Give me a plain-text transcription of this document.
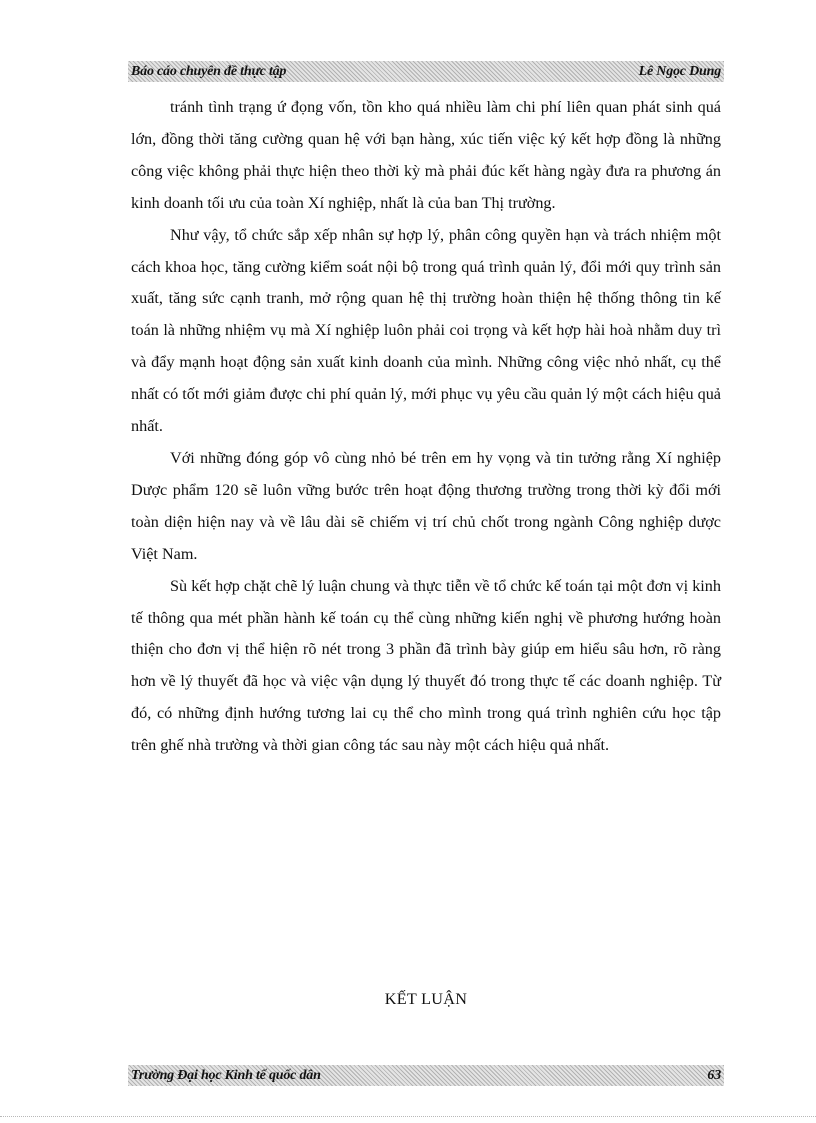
Báo cáo chuyên đề thực tập	Lê Ngọc Dung

tránh tình trạng ứ đọng vốn, tồn kho quá nhiều làm chi phí liên quan phát sinh quá lớn, đồng thời tăng cường quan hệ với bạn hàng, xúc tiến việc ký kết hợp đồng là những công việc không phải thực hiện theo thời kỳ mà phải đúc kết hàng ngày đưa ra phương án kinh doanh tối ưu của toàn Xí nghiệp, nhất là của ban Thị trường.

Như vậy, tổ chức sắp xếp nhân sự hợp lý, phân công quyền hạn và trách nhiệm một cách khoa học, tăng cường kiểm soát nội bộ trong quá trình quản lý, đổi mới quy trình sản xuất, tăng sức cạnh tranh, mở rộng quan hệ thị trường hoàn thiện hệ thống thông tin kế toán là những nhiệm vụ mà Xí nghiệp luôn phải coi trọng và kết hợp hài hoà nhằm duy trì và đẩy mạnh hoạt động sản xuất kinh doanh của mình. Những công việc nhỏ nhất, cụ thể nhất có tốt mới giảm được chi phí quản lý, mới phục vụ yêu cầu quản lý một cách hiệu quả nhất.

Với những đóng góp vô cùng nhỏ bé trên em hy vọng và tin tưởng rằng Xí nghiệp Dược phẩm 120 sẽ luôn vững bước trên hoạt động thương trường trong thời kỳ đổi mới toàn diện hiện nay và về lâu dài sẽ chiếm vị trí chủ chốt trong ngành Công nghiệp dược Việt Nam.

Sù kết hợp chặt chẽ lý luận chung và thực tiễn về tổ chức kế toán tại một đơn vị kinh tế thông qua mét phần hành kế toán cụ thể cùng những kiến nghị về phương hướng hoàn thiện cho đơn vị thể hiện rõ nét trong 3 phần đã trình bày giúp em hiểu sâu hơn, rõ ràng hơn về lý thuyết đã học và việc vận dụng lý thuyết đó trong thực tế các doanh nghiệp. Từ đó, có những định hướng tương lai cụ thể cho mình trong quá trình nghiên cứu học tập trên ghế nhà trường và thời gian công tác sau này một cách hiệu quả nhất.

KẾT LUẬN
Trường Đại học Kinh tế quốc dân	63
